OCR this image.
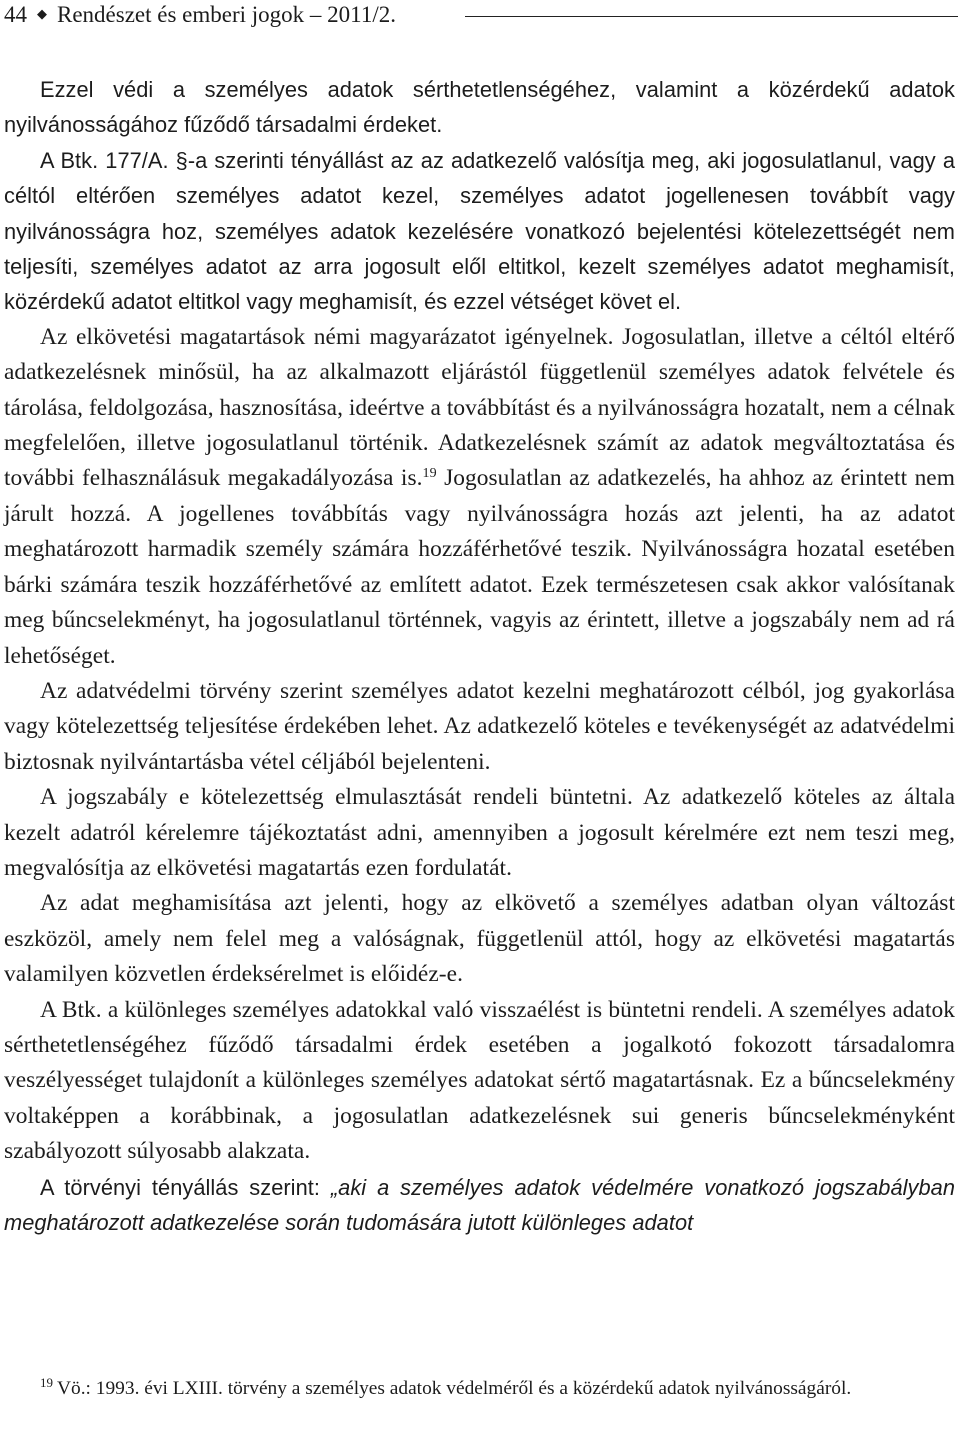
44 ◆ Rendészet és emberi jogok – 2011/2.

Ezzel védi a személyes adatok sérthetetlenségéhez, valamint a közérdekű adatok nyilvánosságához fűződő társadalmi érdeket.

A Btk. 177/A. §-a szerinti tényállást az az adatkezelő valósítja meg, aki jogosulatlanul, vagy a céltól eltérően személyes adatot kezel, személyes adatot jogellenesen továbbít vagy nyilvánosságra hoz, személyes adatok kezelésére vonatkozó bejelentési kötelezettségét nem teljesíti, személyes adatot az arra jogosult elől eltitkol, kezelt személyes adatot meghamisít, közérdekű adatot eltitkol vagy meghamisít, és ezzel vétséget követ el.

Az elkövetési magatartások némi magyarázatot igényelnek. Jogosulatlan, illetve a céltól eltérő adatkezelésnek minősül, ha az alkalmazott eljárástól függetlenül személyes adatok felvétele és tárolása, feldolgozása, hasznosítása, ideértve a továbbítást és a nyilvánosságra hozatalt, nem a célnak megfelelően, illetve jogosulatlanul történik. Adatkezelésnek számít az adatok megváltoztatása és további felhasználásuk megakadályozása is.$^{19}$ Jogosulatlan az adatkezelés, ha ahhoz az érintett nem járult hozzá. A jogellenes továbbítás vagy nyilvánosságra hozás azt jelenti, ha az adatot meghatározott harmadik személy számára hozzáférhetővé teszik. Nyilvánosságra hozatal esetében bárki számára teszik hozzáférhetővé az említett adatot. Ezek természetesen csak akkor valósítanak meg bűncselekményt, ha jogosulatlanul történnek, vagyis az érintett, illetve a jogszabály nem ad rá lehetőséget.

Az adatvédelmi törvény szerint személyes adatot kezelni meghatározott célból, jog gyakorlása vagy kötelezettség teljesítése érdekében lehet. Az adatkezelő köteles e tevékenységét az adatvédelmi biztosnak nyilvántartásba vétel céljából bejelenteni.

A jogszabály e kötelezettség elmulasztását rendeli büntetni. Az adatkezelő köteles az általa kezelt adatról kérelemre tájékoztatást adni, amennyiben a jogosult kérelmére ezt nem teszi meg, megvalósítja az elkövetési magatartás ezen fordulatát.

Az adat meghamisítása azt jelenti, hogy az elkövető a személyes adatban olyan változást eszközöl, amely nem felel meg a valóságnak, függetlenül attól, hogy az elkövetési magatartás valamilyen közvetlen érdeksérelmet is előidéz-e.

A Btk. a különleges személyes adatokkal való visszaélést is büntetni rendeli. A személyes adatok sérthetetlenségéhez fűződő társadalmi érdek esetében a jogalkotó fokozott társadalomra veszélyességet tulajdonít a különleges személyes adatokat sértő magatartásnak. Ez a bűncselekmény voltaképpen a korábbinak, a jogosulatlan adatkezelésnek sui generis bűncselekményként szabályozott súlyosabb alakzata.

A törvényi tényállás szerint: „aki a személyes adatok védelmére vonatkozó jogszabályban meghatározott adatkezelése során tudomására jutott különleges adatot

$^{19}$ Vö.: 1993. évi LXIII. törvény a személyes adatok védelméről és a közérdekű adatok nyilvánosságáról.
